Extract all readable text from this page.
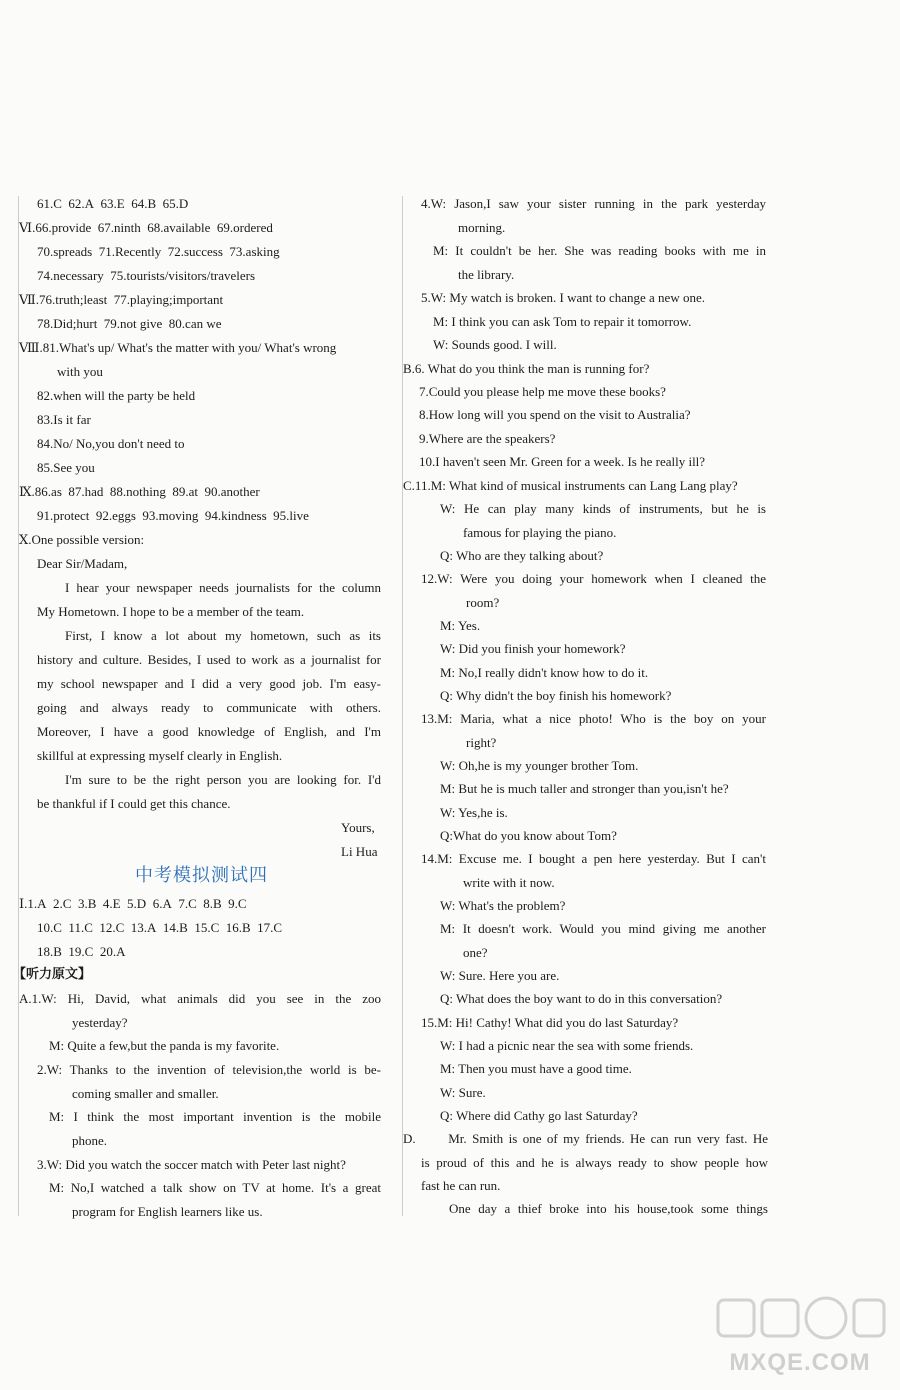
61.C  62.A  63.E  64.B  65.D
Ⅵ.66.provide  67.ninth  68.available  69.ordered
70.spreads  71.Recently  72.success  73.asking
74.necessary  75.tourists/visitors/travelers
Ⅶ.76.truth;least  77.playing;important
78.Did;hurt  79.not give  80.can we
Ⅷ.81.What's up/ What's the matter with you/ What's wrong
with you
82.when will the party be held
83.Is it far
84.No/ No,you don't need to
85.See you
Ⅸ.86.as  87.had  88.nothing  89.at  90.another
91.protect  92.eggs  93.moving  94.kindness  95.live
Ⅹ.One possible version:
Dear Sir/Madam,
I hear your newspaper needs journalists for the column
My Hometown. I hope to be a member of the team.
First, I know a lot about my hometown, such as its
history and culture. Besides, I used to work as a journalist for
my school newspaper and I did a very good job. I'm easy-
going and always ready to communicate with others.
Moreover, I have a good knowledge of English, and I'm
skillful at expressing myself clearly in English.
I'm sure to be the right person you are looking for. I'd
be thankful if I could get this chance.
Yours,
Li Hua
中考模拟测试四
Ⅰ.1.A  2.C  3.B  4.E  5.D  6.A  7.C  8.B  9.C
10.C  11.C  12.C  13.A  14.B  15.C  16.B  17.C
18.B  19.C  20.A
【听力原文】
A.1.W: Hi, David, what animals did you see in the zoo
yesterday?
M: Quite a few,but the panda is my favorite.
2.W: Thanks to the invention of television,the world is be-
coming smaller and smaller.
M: I think the most important invention is the mobile
phone.
3.W: Did you watch the soccer match with Peter last night?
M: No,I watched a talk show on TV at home. It's a great
program for English learners like us.
4.W: Jason,I saw your sister running in the park yesterday
morning.
M: It couldn't be her. She was reading books with me in
the library.
5.W: My watch is broken. I want to change a new one.
M: I think you can ask Tom to repair it tomorrow.
W: Sounds good. I will.
B.6. What do you think the man is running for?
7.Could you please help me move these books?
8.How long will you spend on the visit to Australia?
9.Where are the speakers?
10.I haven't seen Mr. Green for a week. Is he really ill?
C.11.M: What kind of musical instruments can Lang Lang play?
W: He can play many kinds of instruments, but he is
famous for playing the piano.
Q: Who are they talking about?
12.W: Were you doing your homework when I cleaned the
room?
M: Yes.
W: Did you finish your homework?
M: No,I really didn't know how to do it.
Q: Why didn't the boy finish his homework?
13.M: Maria, what a nice photo! Who is the boy on your
right?
W: Oh,he is my younger brother Tom.
M: But he is much taller and stronger than you,isn't he?
W: Yes,he is.
Q:What do you know about Tom?
14.M: Excuse me. I bought a pen here yesterday. But I can't
write with it now.
W: What's the problem?
M: It doesn't work. Would you mind giving me another
one?
W: Sure. Here you are.
Q: What does the boy want to do in this conversation?
15.M: Hi! Cathy! What did you do last Saturday?
W: I had a picnic near the sea with some friends.
M: Then you must have a good time.
W: Sure.
Q: Where did Cathy go last Saturday?
D.      Mr. Smith is one of my friends. He can run very fast. He
is proud of this and he is always ready to show people how
fast he can run.
One day a thief broke into his house,took some things
MXQE.COM
